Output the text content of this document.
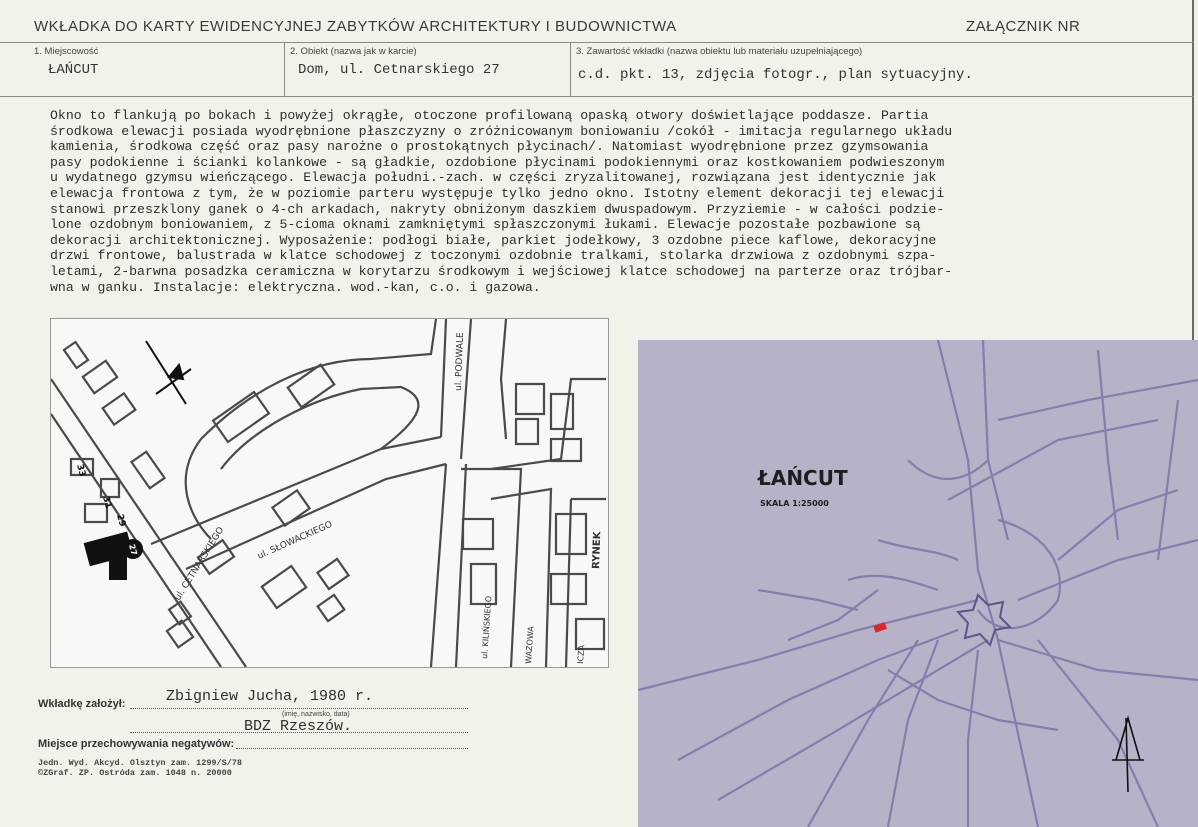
WKŁADKA DO KARTY EWIDENCYJNEJ ZABYTKÓW ARCHITEKTURY I BUDOWNICTWA	ZAŁĄCZNIK NR
1. Miejscowość
ŁAŃCUT
2. Obiekt (nazwa jak w karcie)
Dom, ul. Cetnarskiego 27
3. Zawartość wkładki (nazwa obiektu lub materiału uzupełniającego)
c.d. pkt. 13, zdjęcia fotogr., plan sytuacyjny.
Okno to flankują po bokach i powyżej okrągłe, otoczone profilowaną opaską otwory doświetlające poddasze. Partia
środkowa elewacji posiada wyodrębnione płaszczyzny o zróżnicowanym boniowaniu /cokół - imitacja regularnego układu
kamienia, środkowa część oraz pasy narożne o prostokątnych płycinach/. Natomiast wyodrębnione przez gzymsowania
pasy podokienne i ścianki kolankowe - są gładkie, ozdobione płycinami podokiennymi oraz kostkowaniem podwieszonym
u wydatnego gzymsu wieńczącego. Elewacja południ.-zach. w części zryzalitowanej, rozwiązana jest identycznie jak
elewacja frontowa z tym, że w poziomie parteru występuje tylko jedno okno. Istotny element dekoracji tej elewacji
stanowi przeszklony ganek o 4-ch arkadach, nakryty obniżonym daszkiem dwuspadowym. Przyziemie - w całości podzie-
lone ozdobnym boniowaniem, z 5-cioma oknami zamkniętymi spłaszczonymi łukami. Elewacje pozostałe pozbawione są
dekoracji architektonicznej. Wyposażenie: podłogi białe, parkiet jodełkowy, 3 ozdobne piece kaflowe, dekoracyjne
drzwi frontowe, balustrada w klatce schodowej z toczonymi ozdobnie tralkami, stolarka drzwiowa z ozdobnymi szpa-
letami, 2-barwna posadzka ceramiczna w korytarzu środkowym i wejściowej klatce schodowej na parterze oraz trójbar-
wna w ganku. Instalacje: elektryczna. wod.-kan, c.o. i gazowa.
ul. CETNARSKIEGO	ul. SŁOWACKIEGO
ul. PODWALE
ul. KILIŃSKIEGO	WAZOWA	ICZA
RYNEK
33
31
29
27
ŁAŃCUT
SKALA 1:25000
Wkładkę założył:	Zbigniew Jucha, 1980 r.
(imię, nazwisko, data)
BDZ Rzeszów.
Miejsce przechowywania negatywów:
Jedn. Wyd. Akcyd. Olsztyn zam. 1299/S/78
©ZGraf. ZP. Ostróda zam. 1048 n. 20000
